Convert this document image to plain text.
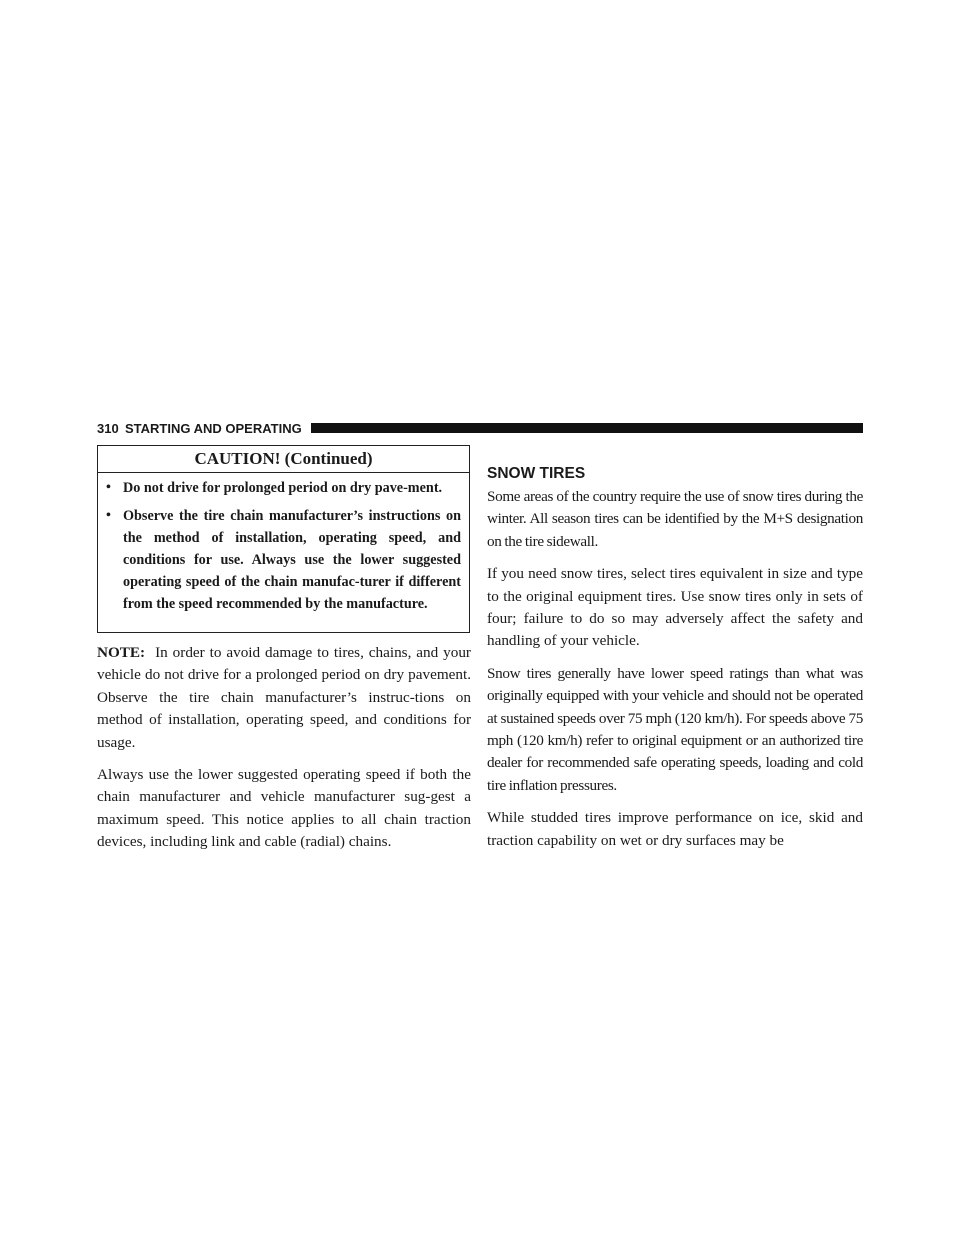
310 STARTING AND OPERATING
CAUTION! (Continued)
• Do not drive for prolonged period on dry pave-ment.
• Observe the tire chain manufacturer’s instructions on the method of installation, operating speed, and conditions for use. Always use the lower suggested operating speed of the chain manufac-turer if different from the speed recommended by the manufacture.

NOTE: In order to avoid damage to tires, chains, and your vehicle do not drive for a prolonged period on dry pavement. Observe the tire chain manufacturer’s instruc-tions on method of installation, operating speed, and conditions for usage.

Always use the lower suggested operating speed if both the chain manufacturer and vehicle manufacturer sug-gest a maximum speed. This notice applies to all chain traction devices, including link and cable (radial) chains.

SNOW TIRES

Some areas of the country require the use of snow tires during the winter. All season tires can be identified by the M+S designation on the tire sidewall.

If you need snow tires, select tires equivalent in size and type to the original equipment tires. Use snow tires only in sets of four; failure to do so may adversely affect the safety and handling of your vehicle.

Snow tires generally have lower speed ratings than what was originally equipped with your vehicle and should not be operated at sustained speeds over 75 mph (120 km/h). For speeds above 75 mph (120 km/h) refer to original equipment or an authorized tire dealer for recommended safe operating speeds, loading and cold tire inflation pressures.

While studded tires improve performance on ice, skid and traction capability on wet or dry surfaces may be
